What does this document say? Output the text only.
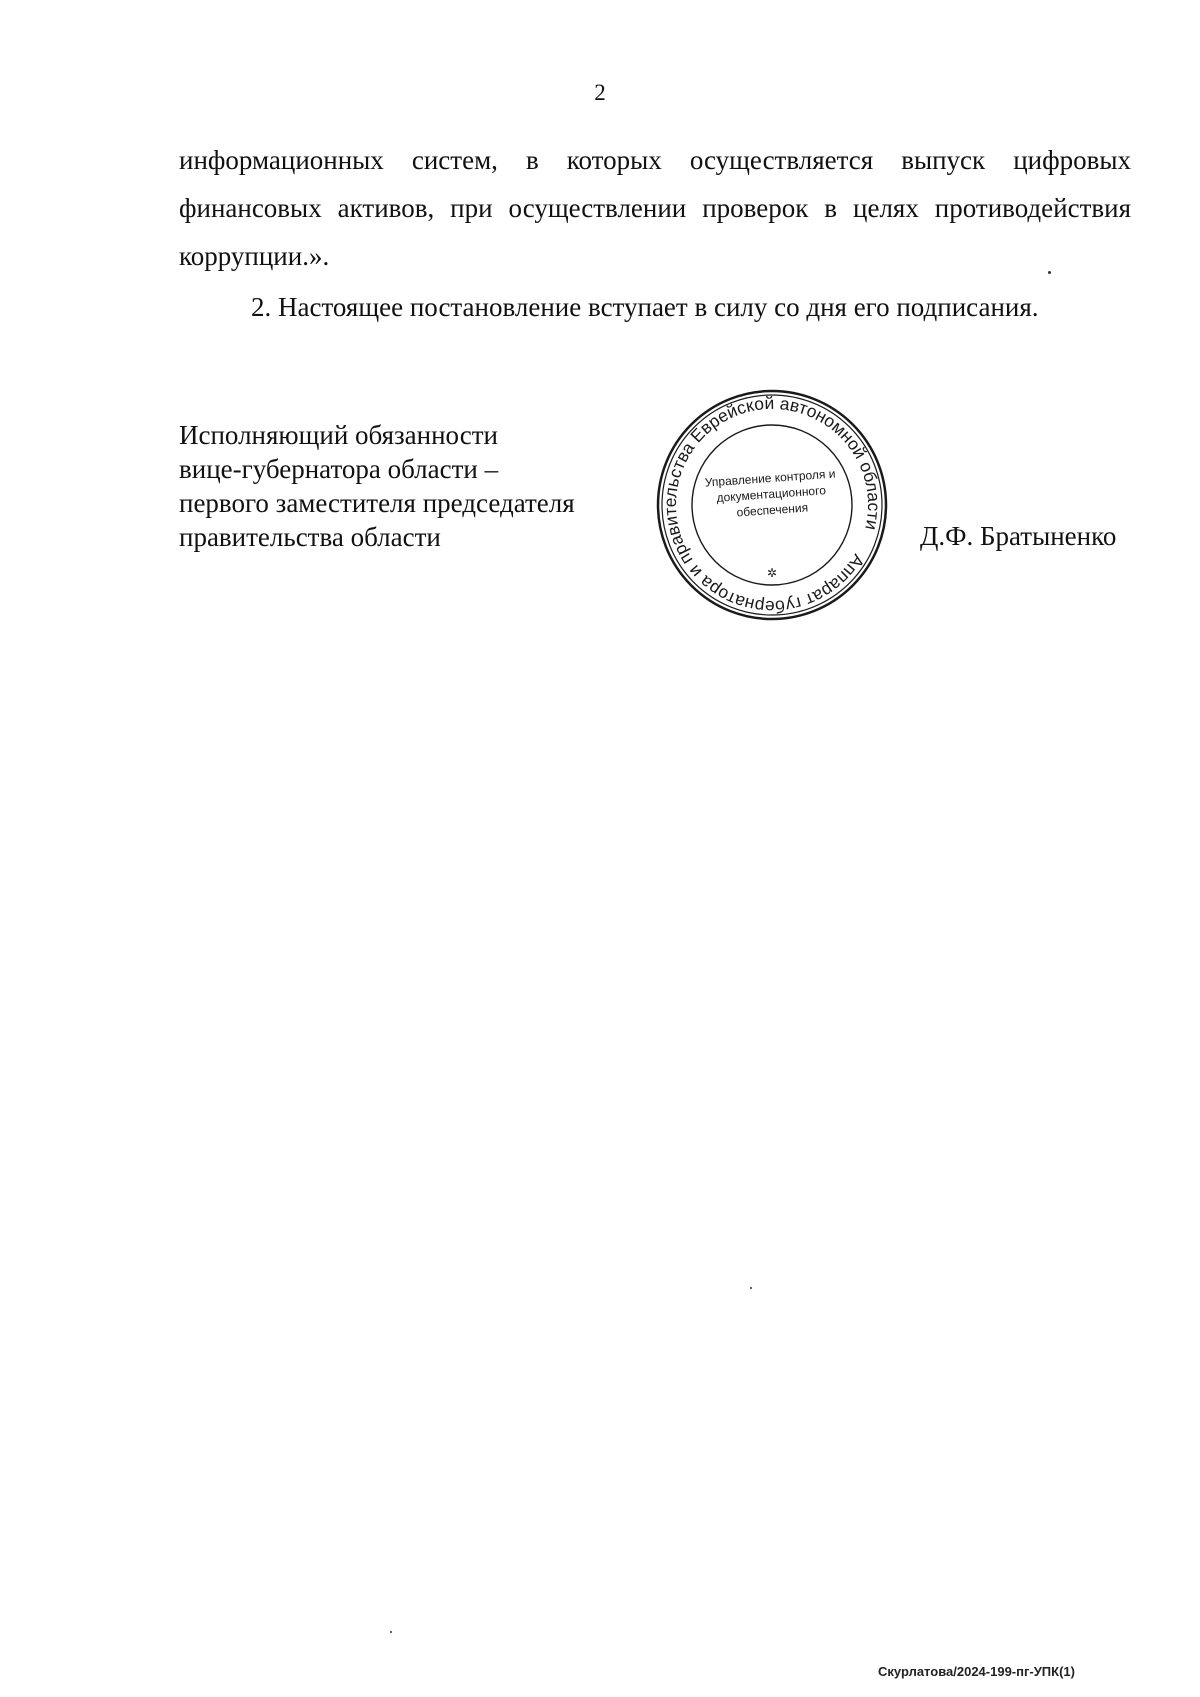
2

информационных систем, в которых осуществляется выпуск цифровых финансовых активов, при осуществлении проверок в целях противодействия коррупции.».

2. Настоящее постановление вступает в силу со дня его подписания.

Исполняющий обязанности
вице-губернатора области –
первого заместителя председателя
правительства области
Аппарат губернатора и правительства Еврейской автономной области
✲
Управление контроля и
документационного
обеспечения
Д.Ф. Братыненко
Скурлатова/2024-199-пг-УПК(1)
